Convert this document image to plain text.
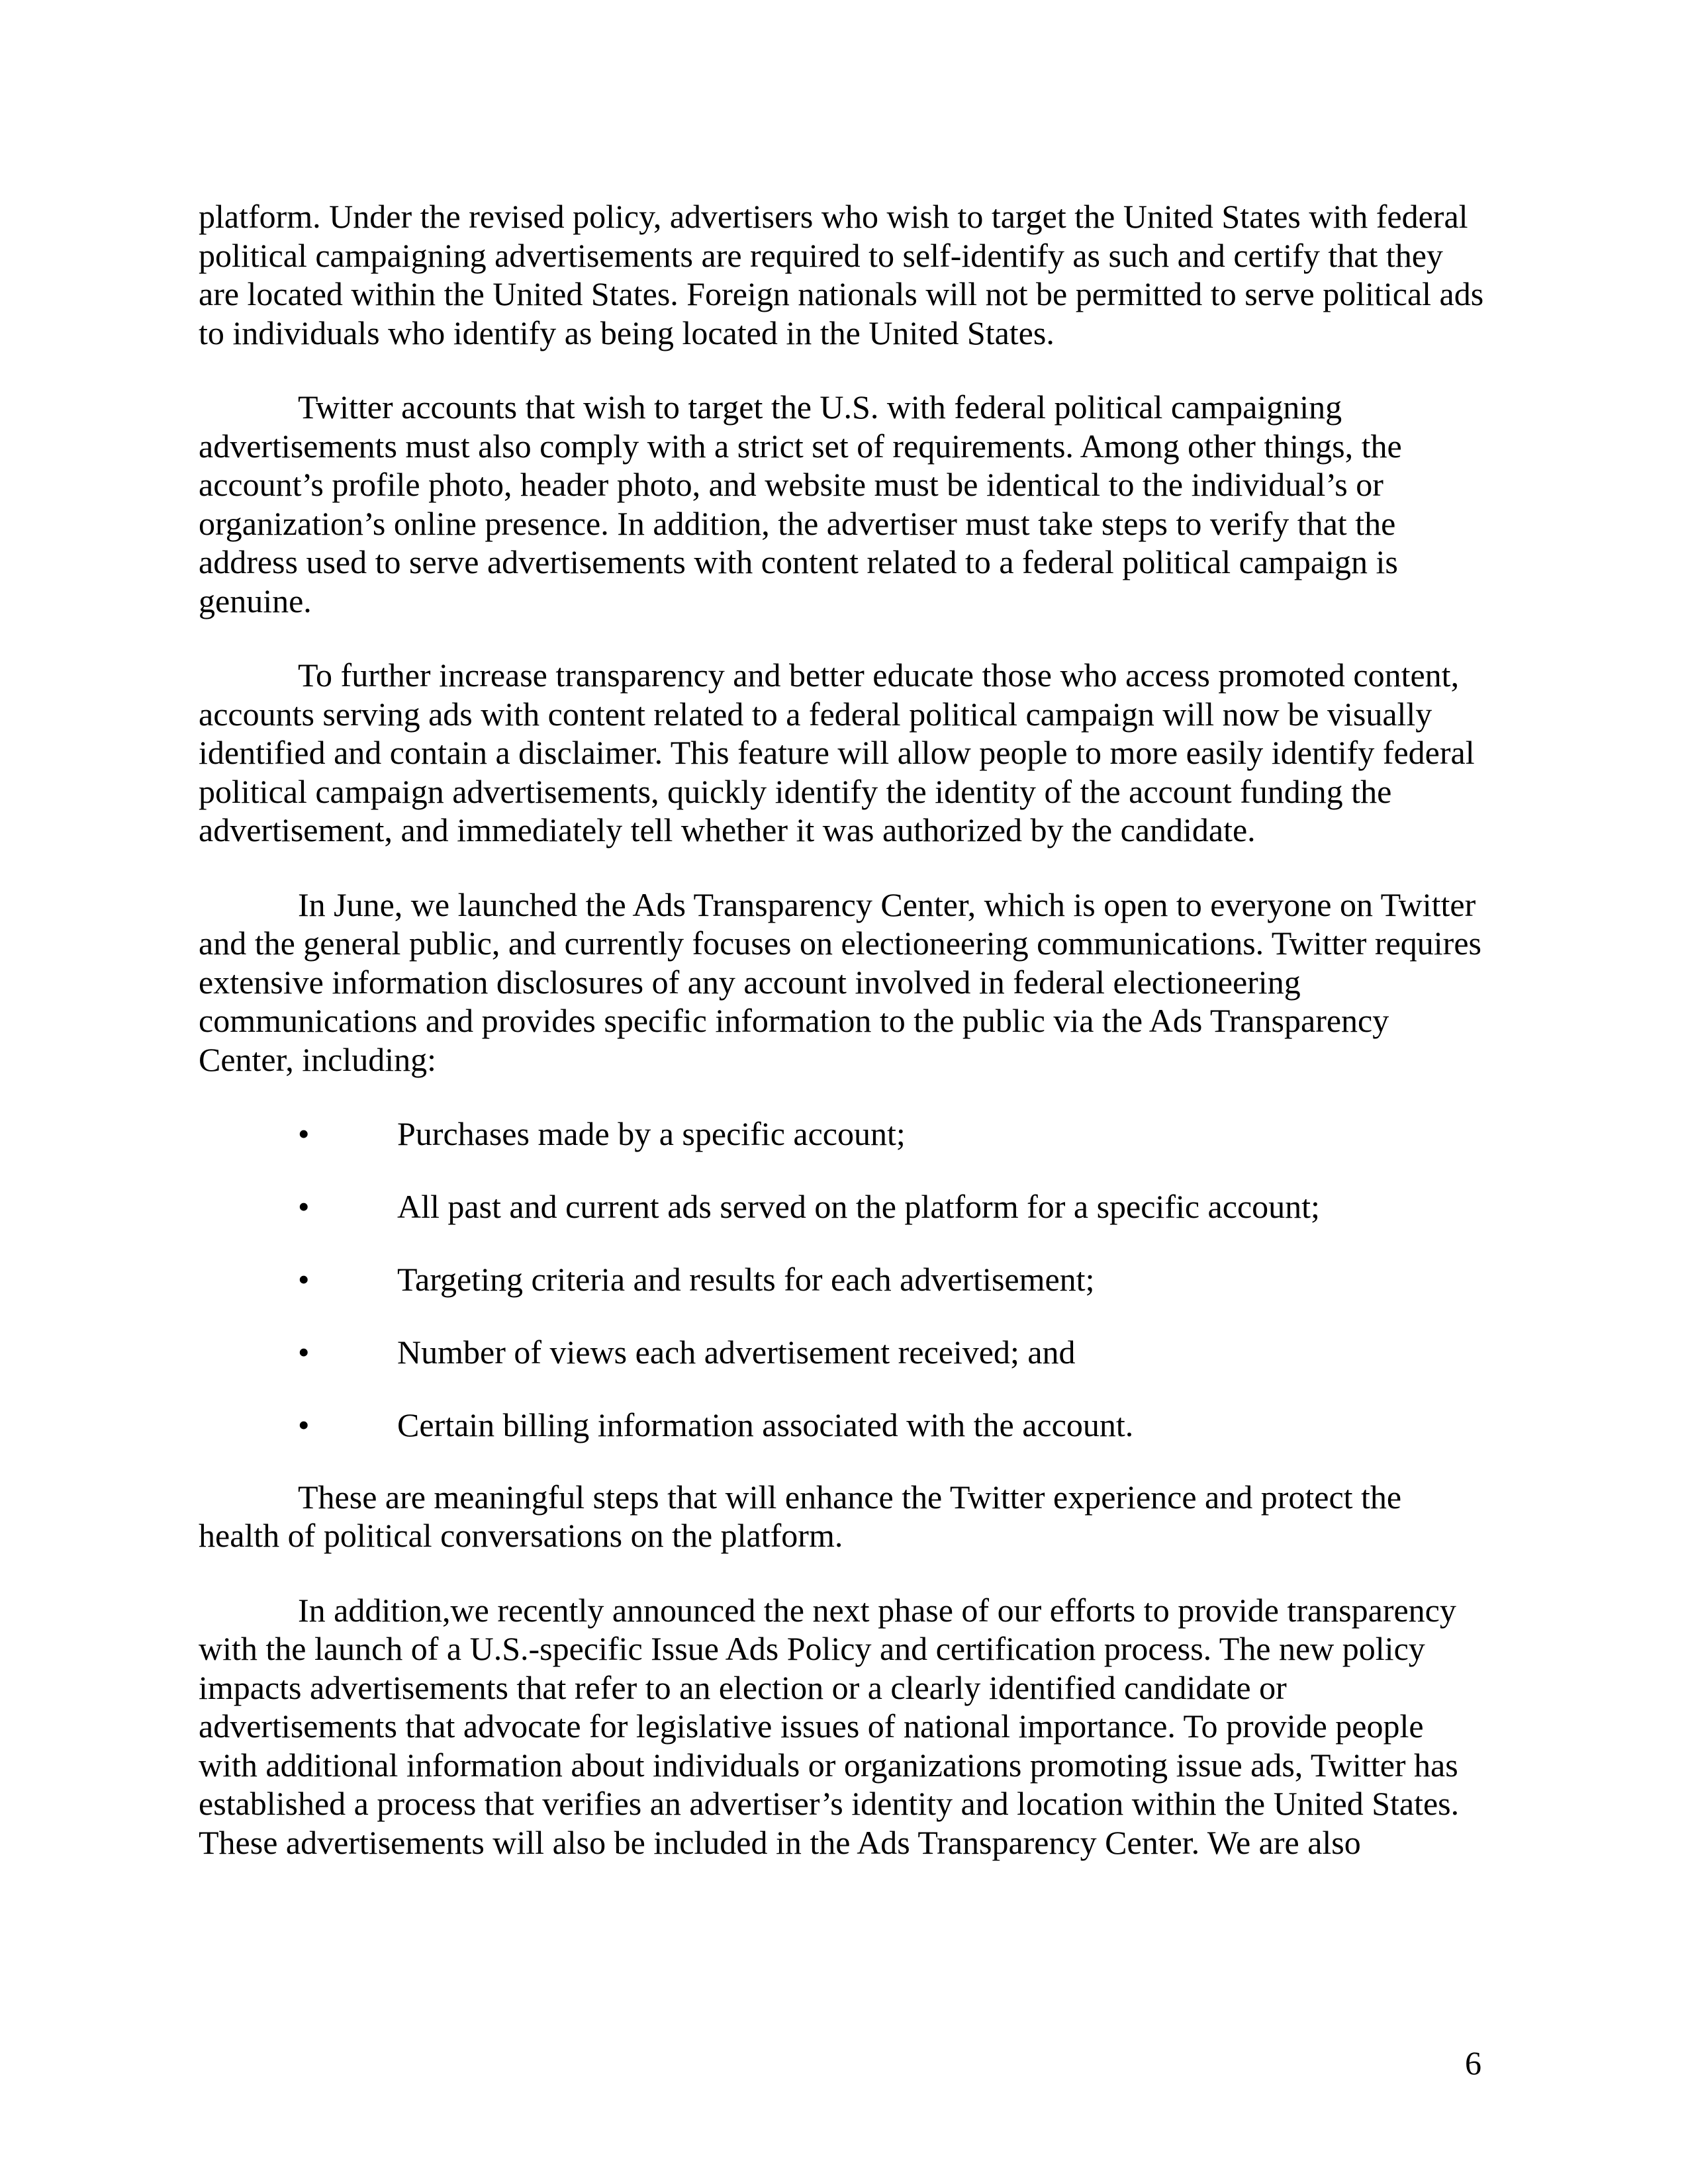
platform. Under the revised policy, advertisers who wish to target the United States with federal
political campaigning advertisements are required to self-identify as such and certify that they
are located within the United States. Foreign nationals will not be permitted to serve political ads
to individuals who identify as being located in the United States.

Twitter accounts that wish to target the U.S. with federal political campaigning
advertisements must also comply with a strict set of requirements. Among other things, the
account’s profile photo, header photo, and website must be identical to the individual’s or
organization’s online presence. In addition, the advertiser must take steps to verify that the
address used to serve advertisements with content related to a federal political campaign is
genuine.

To further increase transparency and better educate those who access promoted content,
accounts serving ads with content related to a federal political campaign will now be visually
identified and contain a disclaimer. This feature will allow people to more easily identify federal
political campaign advertisements, quickly identify the identity of the account funding the
advertisement, and immediately tell whether it was authorized by the candidate.

In June, we launched the Ads Transparency Center, which is open to everyone on Twitter
and the general public, and currently focuses on electioneering communications. Twitter requires
extensive information disclosures of any account involved in federal electioneering
communications and provides specific information to the public via the Ads Transparency
Center, including:

•	Purchases made by a specific account;
•	All past and current ads served on the platform for a specific account;
•	Targeting criteria and results for each advertisement;
•	Number of views each advertisement received; and
•	Certain billing information associated with the account.

These are meaningful steps that will enhance the Twitter experience and protect the
health of political conversations on the platform.

In addition,we recently announced the next phase of our efforts to provide transparency
with the launch of a U.S.-specific Issue Ads Policy and certification process. The new policy
impacts advertisements that refer to an election or a clearly identified candidate or
advertisements that advocate for legislative issues of national importance. To provide people
with additional information about individuals or organizations promoting issue ads, Twitter has
established a process that verifies an advertiser’s identity and location within the United States.
These advertisements will also be included in the Ads Transparency Center. We are also

6
